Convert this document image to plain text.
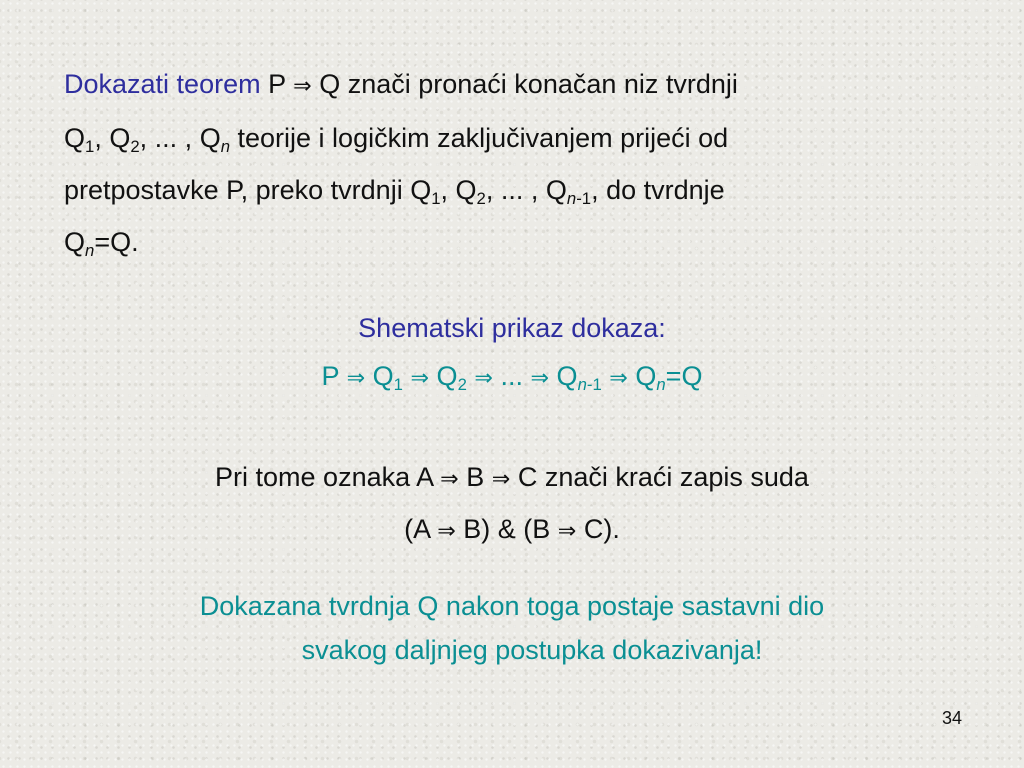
Dokazati teorem P ⇒ Q znači pronaći konačan niz tvrdnji
$Q_1$, $Q_2$, ... , $Q_n$ teorije i logičkim zaključivanjem prijeći od
pretpostavke P, preko tvrdnji $Q_1$, $Q_2$, ... , $Q_{n-1}$, do tvrdnje
$Q_n=Q$.
Shematski prikaz dokaza:
P ⇒ $Q_1$ ⇒ $Q_2$ ⇒ ... ⇒ $Q_{n-1}$ ⇒ $Q_n=Q$
Pri tome oznaka A ⇒ B ⇒ C znači kraći zapis suda
(A ⇒ B) & (B ⇒ C).
Dokazana tvrdnja Q nakon toga postaje sastavni dio
svakog daljnjeg postupka dokazivanja!
34
